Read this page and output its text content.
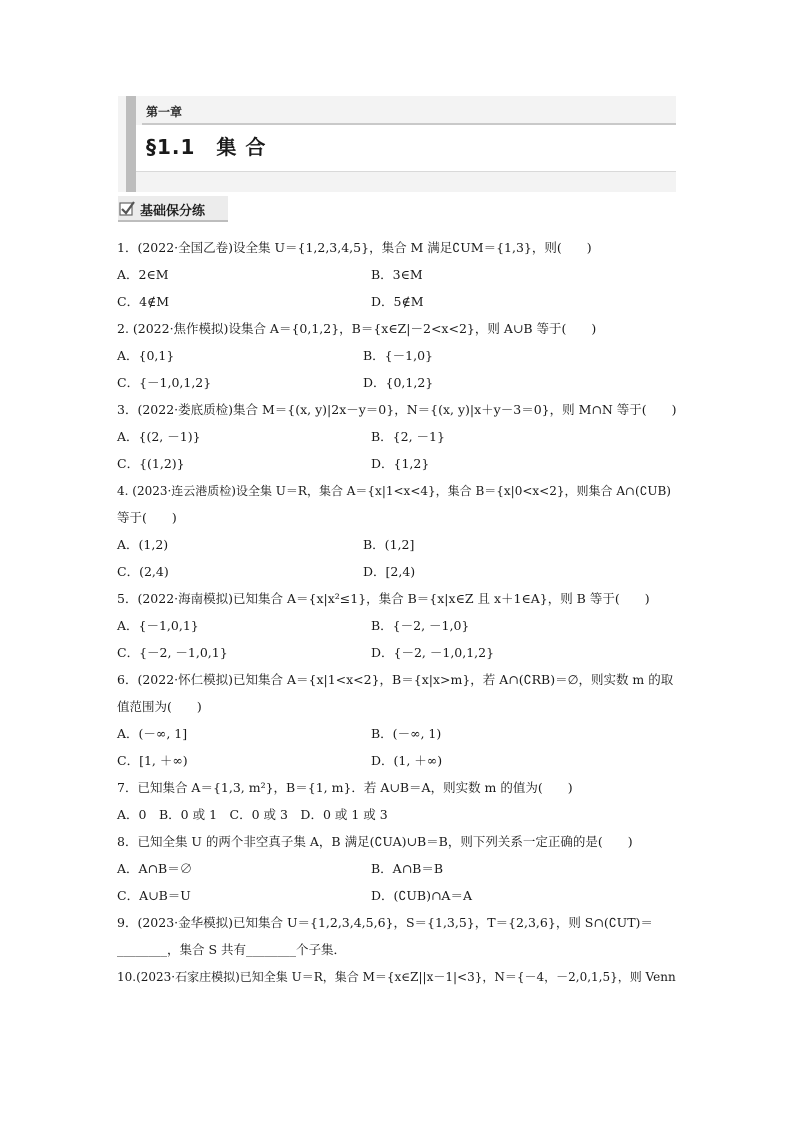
第一章
§1.1　集 合
基础保分练
1．(2022·全国乙卷)设全集 U＝{1,2,3,4,5}，集合 M 满足∁UM＝{1,3}，则(　　)
A．2∈M	B．3∈M
C．4∉M	D．5∉M
2. (2022·焦作模拟)设集合 A＝{0,1,2}，B＝{x∈Z|－2<x<2}，则 A∪B 等于(　　)
A．{0,1}	B．{－1,0}
C．{－1,0,1,2}	D．{0,1,2}
3．(2022·娄底质检)集合 M＝{(x, y)|2x－y＝0}，N＝{(x, y)|x＋y－3＝0}，则 M∩N 等于(　　)
A．{(2, －1)}	B．{2, －1}
C．{(1,2)}	D．{1,2}
4. (2023·连云港质检)设全集 U＝R，集合 A＝{x|1<x<4}，集合 B＝{x|0<x<2}，则集合 A∩(∁UB)
等于(　　)
A．(1,2)	B．(1,2]
C．(2,4)	D．[2,4)
5．(2022·海南模拟)已知集合 A＝{x|x²≤1}，集合 B＝{x|x∈Z 且 x＋1∈A}，则 B 等于(　　)
A．{－1,0,1}	B．{－2, －1,0}
C．{－2, －1,0,1}	D．{－2, －1,0,1,2}
6．(2022·怀仁模拟)已知集合 A＝{x|1<x<2}，B＝{x|x>m}，若 A∩(∁RB)＝∅，则实数 m 的取
值范围为(　　)
A．(－∞, 1]	B．(－∞, 1)
C．[1, ＋∞)	D．(1, ＋∞)
7．已知集合 A＝{1,3, m²}，B＝{1, m}．若 A∪B＝A，则实数 m 的值为(　　)
A．0　B．0 或 1　C．0 或 3　D．0 或 1 或 3
8．已知全集 U 的两个非空真子集 A，B 满足(∁UA)∪B＝B，则下列关系一定正确的是(　　)
A．A∩B＝∅	B．A∩B＝B
C．A∪B＝U	D．(∁UB)∩A＝A
9．(2023·金华模拟)已知集合 U＝{1,2,3,4,5,6}，S＝{1,3,5}，T＝{2,3,6}，则 S∩(∁UT)＝
________，集合 S 共有________个子集．
10.(2023·石家庄模拟)已知全集 U＝R，集合 M＝{x∈Z||x－1|<3}，N＝{－4，－2,0,1,5}，则 Venn
